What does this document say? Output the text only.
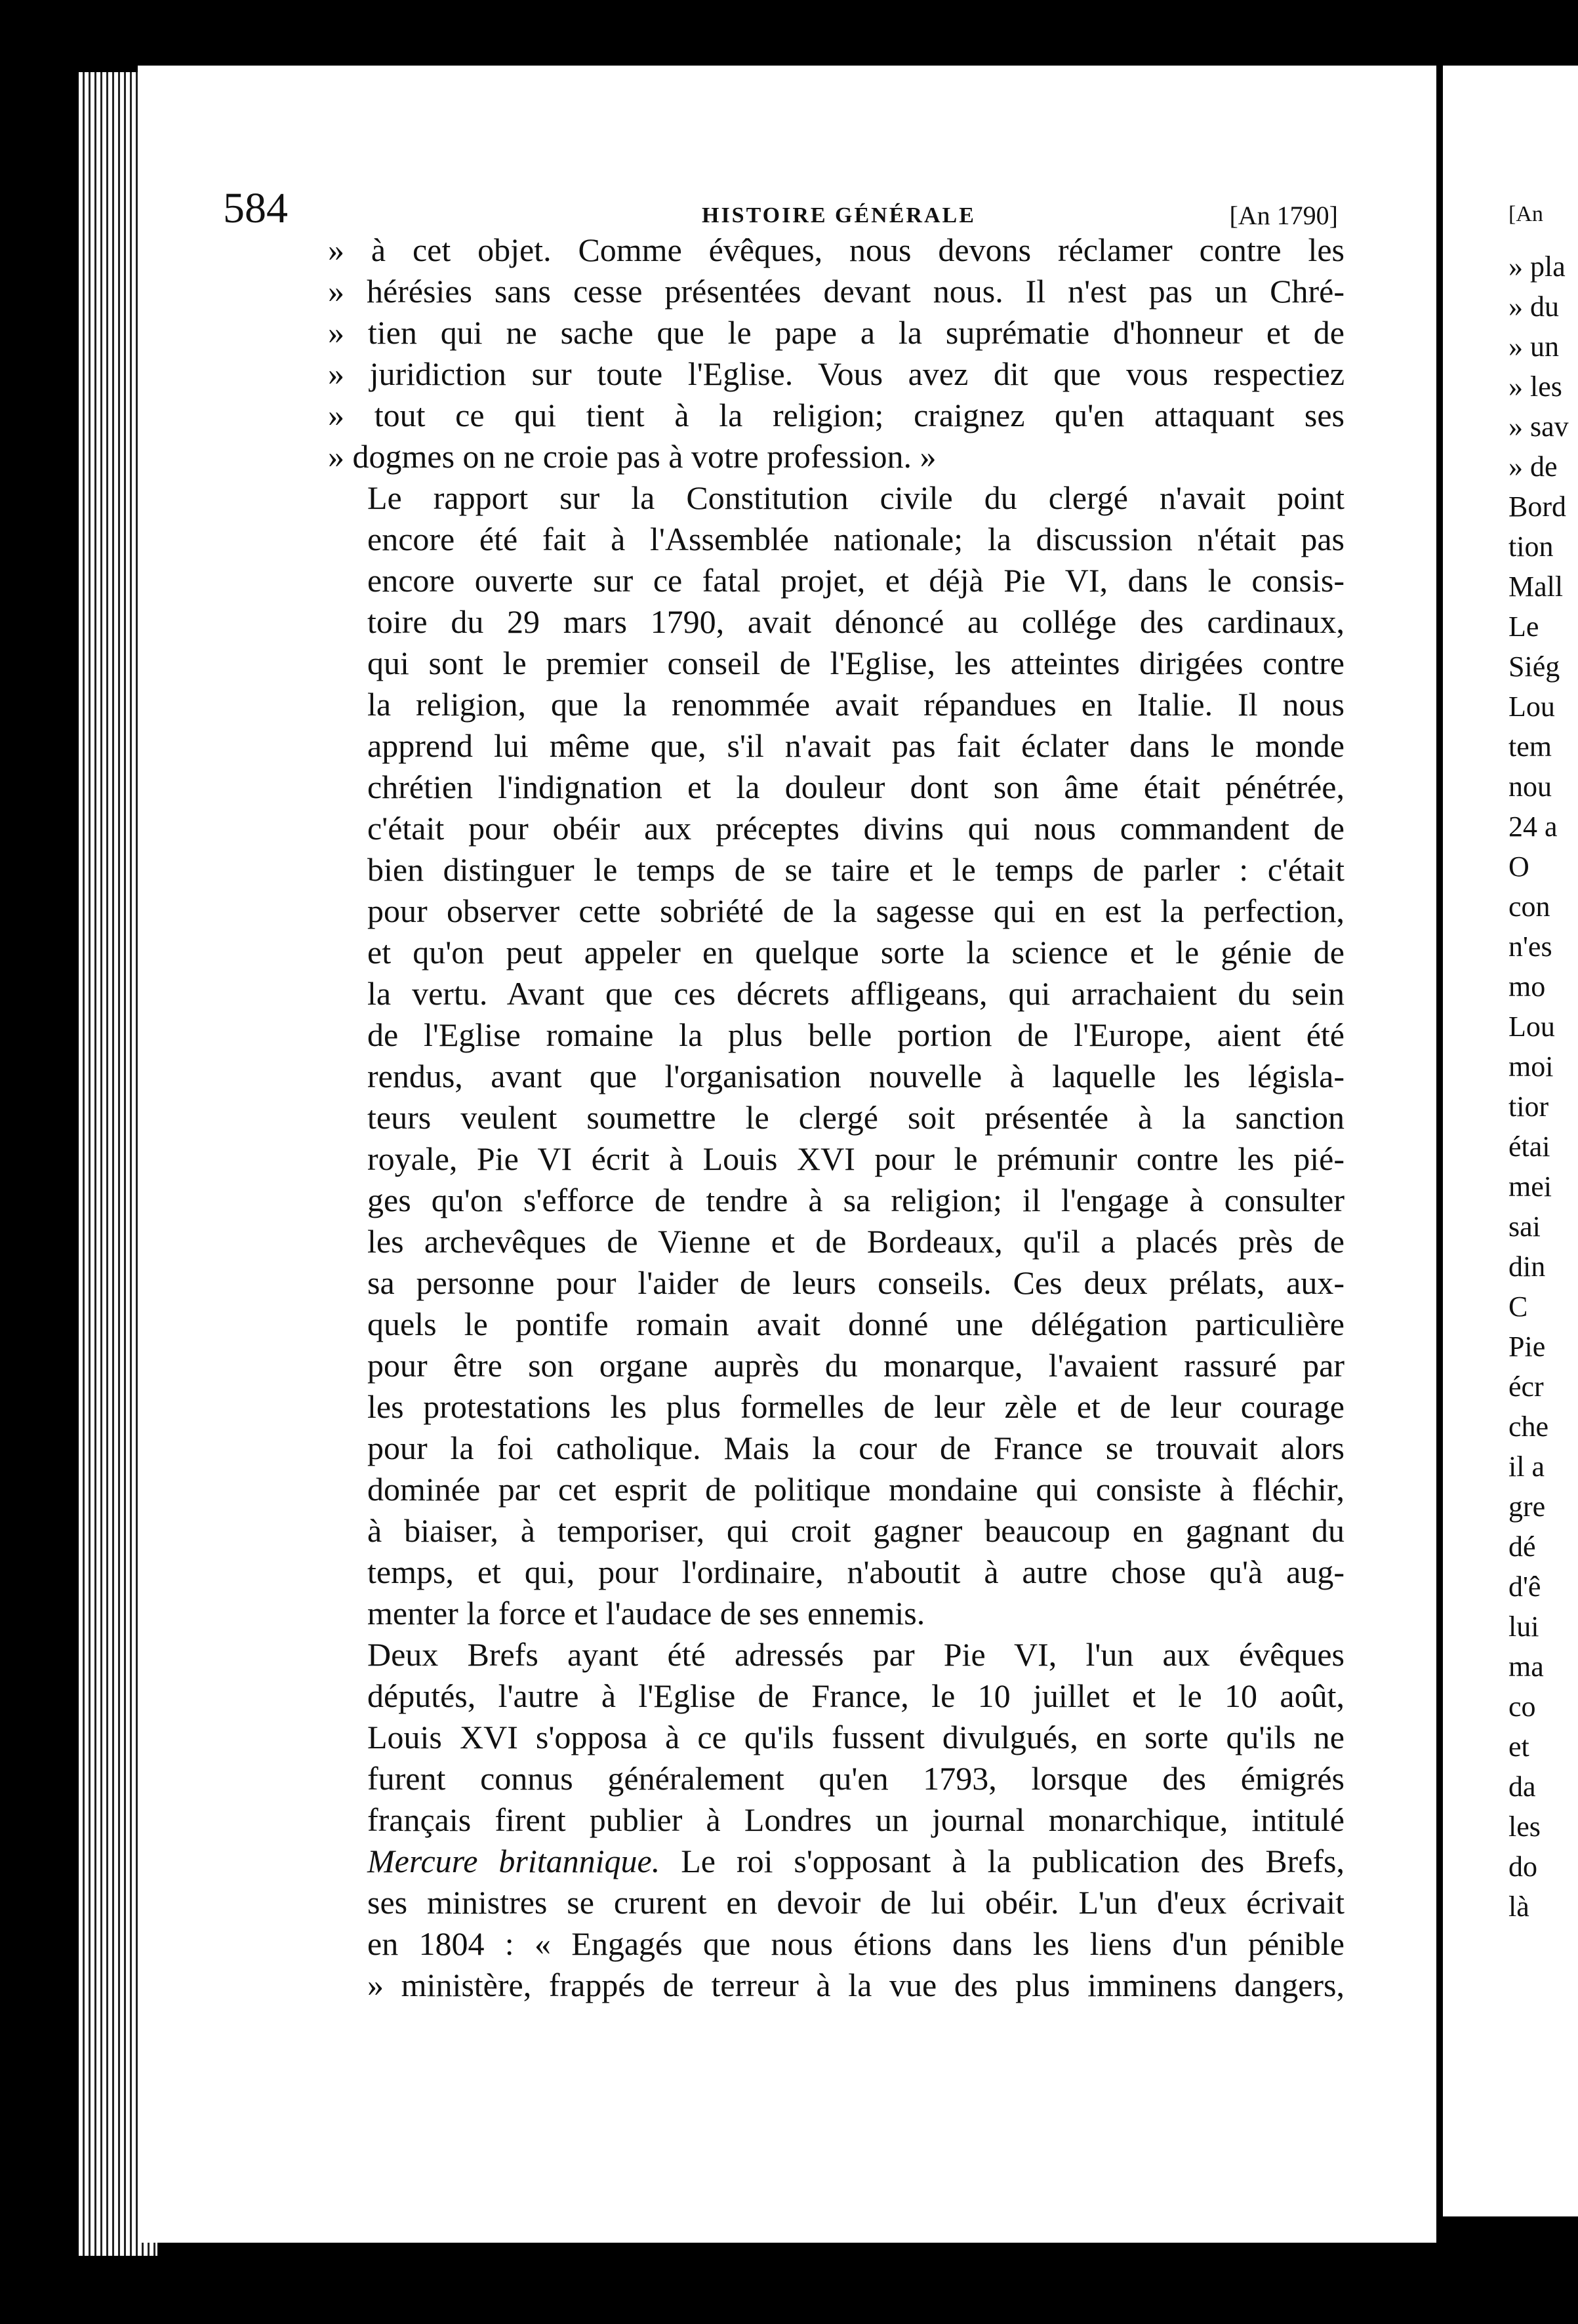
584	HISTOIRE GÉNÉRALE	[An 1790]

» à cet objet. Comme évêques, nous devons réclamer contre les
» hérésies sans cesse présentées devant nous. Il n'est pas un Chré-
» tien qui ne sache que le pape a la suprématie d'honneur et de
» juridiction sur toute l'Eglise. Vous avez dit que vous respectiez
» tout ce qui tient à la religion; craignez qu'en attaquant ses
» dogmes on ne croie pas à votre profession. »

Le rapport sur la Constitution civile du clergé n'avait point
encore été fait à l'Assemblée nationale; la discussion n'était pas
encore ouverte sur ce fatal projet, et déjà Pie VI, dans le consis-
toire du 29 mars 1790, avait dénoncé au collége des cardinaux,
qui sont le premier conseil de l'Eglise, les atteintes dirigées contre
la religion, que la renommée avait répandues en Italie. Il nous
apprend lui même que, s'il n'avait pas fait éclater dans le monde
chrétien l'indignation et la douleur dont son âme était pénétrée,
c'était pour obéir aux préceptes divins qui nous commandent de
bien distinguer le temps de se taire et le temps de parler : c'était
pour observer cette sobriété de la sagesse qui en est la perfection,
et qu'on peut appeler en quelque sorte la science et le génie de
la vertu. Avant que ces décrets affligeans, qui arrachaient du sein
de l'Eglise romaine la plus belle portion de l'Europe, aient été
rendus, avant que l'organisation nouvelle à laquelle les législa-
teurs veulent soumettre le clergé soit présentée à la sanction
royale, Pie VI écrit à Louis XVI pour le prémunir contre les pié-
ges qu'on s'efforce de tendre à sa religion; il l'engage à consulter
les archevêques de Vienne et de Bordeaux, qu'il a placés près de
sa personne pour l'aider de leurs conseils. Ces deux prélats, aux-
quels le pontife romain avait donné une délégation particulière
pour être son organe auprès du monarque, l'avaient rassuré par
les protestations les plus formelles de leur zèle et de leur courage
pour la foi catholique. Mais la cour de France se trouvait alors
dominée par cet esprit de politique mondaine qui consiste à fléchir,
à biaiser, à temporiser, qui croit gagner beaucoup en gagnant du
temps, et qui, pour l'ordinaire, n'aboutit à autre chose qu'à aug-
menter la force et l'audace de ses ennemis.

Deux Brefs ayant été adressés par Pie VI, l'un aux évêques
députés, l'autre à l'Eglise de France, le 10 juillet et le 10 août,
Louis XVI s'opposa à ce qu'ils fussent divulgués, en sorte qu'ils ne
furent connus généralement qu'en 1793, lorsque des émigrés
français firent publier à Londres un journal monarchique, intitulé
Mercure britannique. Le roi s'opposant à la publication des Brefs,
ses ministres se crurent en devoir de lui obéir. L'un d'eux écrivait
en 1804 : « Engagés que nous étions dans les liens d'un pénible
» ministère, frappés de terreur à la vue des plus imminens dangers,

[An
» pla
» du
» un
» les
» sav
» de
Bord
tion
Mall
Le
Siég
Lou
tem
nou
24 a
O
con
n'es
mo
Lou
moi
tior
étai
mei
sai
din
C
Pie
écr
che
il a
gre
dé
d'ê
lui
ma
co
et
da
les
do
là
